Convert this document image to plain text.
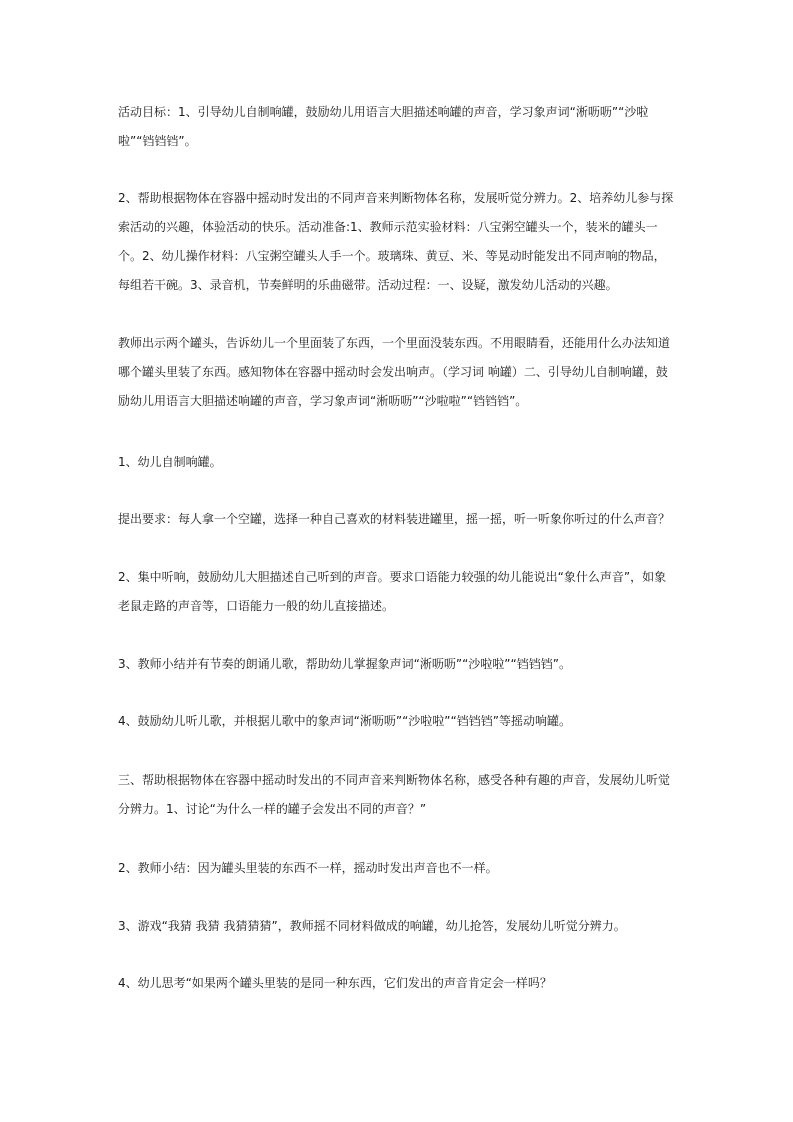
活动目标：1、引导幼儿自制响罐，鼓励幼儿用语言大胆描述响罐的声音，学习象声词“淅呖呖”“沙啦啦”“铛铛铛”。

2、帮助根据物体在容器中摇动时发出的不同声音来判断物体名称，发展听觉分辨力。2、培养幼儿参与探索活动的兴趣，体验活动的快乐。活动准备:1、教师示范实验材料：八宝粥空罐头一个，装米的罐头一个。2、幼儿操作材料：八宝粥空罐头人手一个。玻璃珠、黄豆、米、等晃动时能发出不同声响的物品，每组若干碗。3、录音机，节奏鲜明的乐曲磁带。活动过程：一、设疑，激发幼儿活动的兴趣。

教师出示两个罐头，告诉幼儿一个里面装了东西，一个里面没装东西。不用眼睛看，还能用什么办法知道哪个罐头里装了东西。感知物体在容器中摇动时会发出响声。（学习词 响罐）二、引导幼儿自制响罐，鼓励幼儿用语言大胆描述响罐的声音，学习象声词“淅呖呖”“沙啦啦”“铛铛铛”。

1、幼儿自制响罐。

提出要求：每人拿一个空罐，选择一种自己喜欢的材料装进罐里，摇一摇，听一听象你听过的什么声音？

2、集中听响，鼓励幼儿大胆描述自己听到的声音。要求口语能力较强的幼儿能说出“象什么声音”，如象老鼠走路的声音等，口语能力一般的幼儿直接描述。

3、教师小结并有节奏的朗诵儿歌，帮助幼儿掌握象声词“淅呖呖”“沙啦啦”“铛铛铛”。

4、鼓励幼儿听儿歌，并根据儿歌中的象声词“淅呖呖”“沙啦啦”“铛铛铛”等摇动响罐。

三、帮助根据物体在容器中摇动时发出的不同声音来判断物体名称，感受各种有趣的声音，发展幼儿听觉分辨力。1、讨论“为什么一样的罐子会发出不同的声音？”

2、教师小结：因为罐头里装的东西不一样，摇动时发出声音也不一样。

3、游戏“我猜 我猜 我猜猜猜”，教师摇不同材料做成的响罐，幼儿抢答，发展幼儿听觉分辨力。

4、幼儿思考“如果两个罐头里装的是同一种东西，它们发出的声音肯定会一样吗？
